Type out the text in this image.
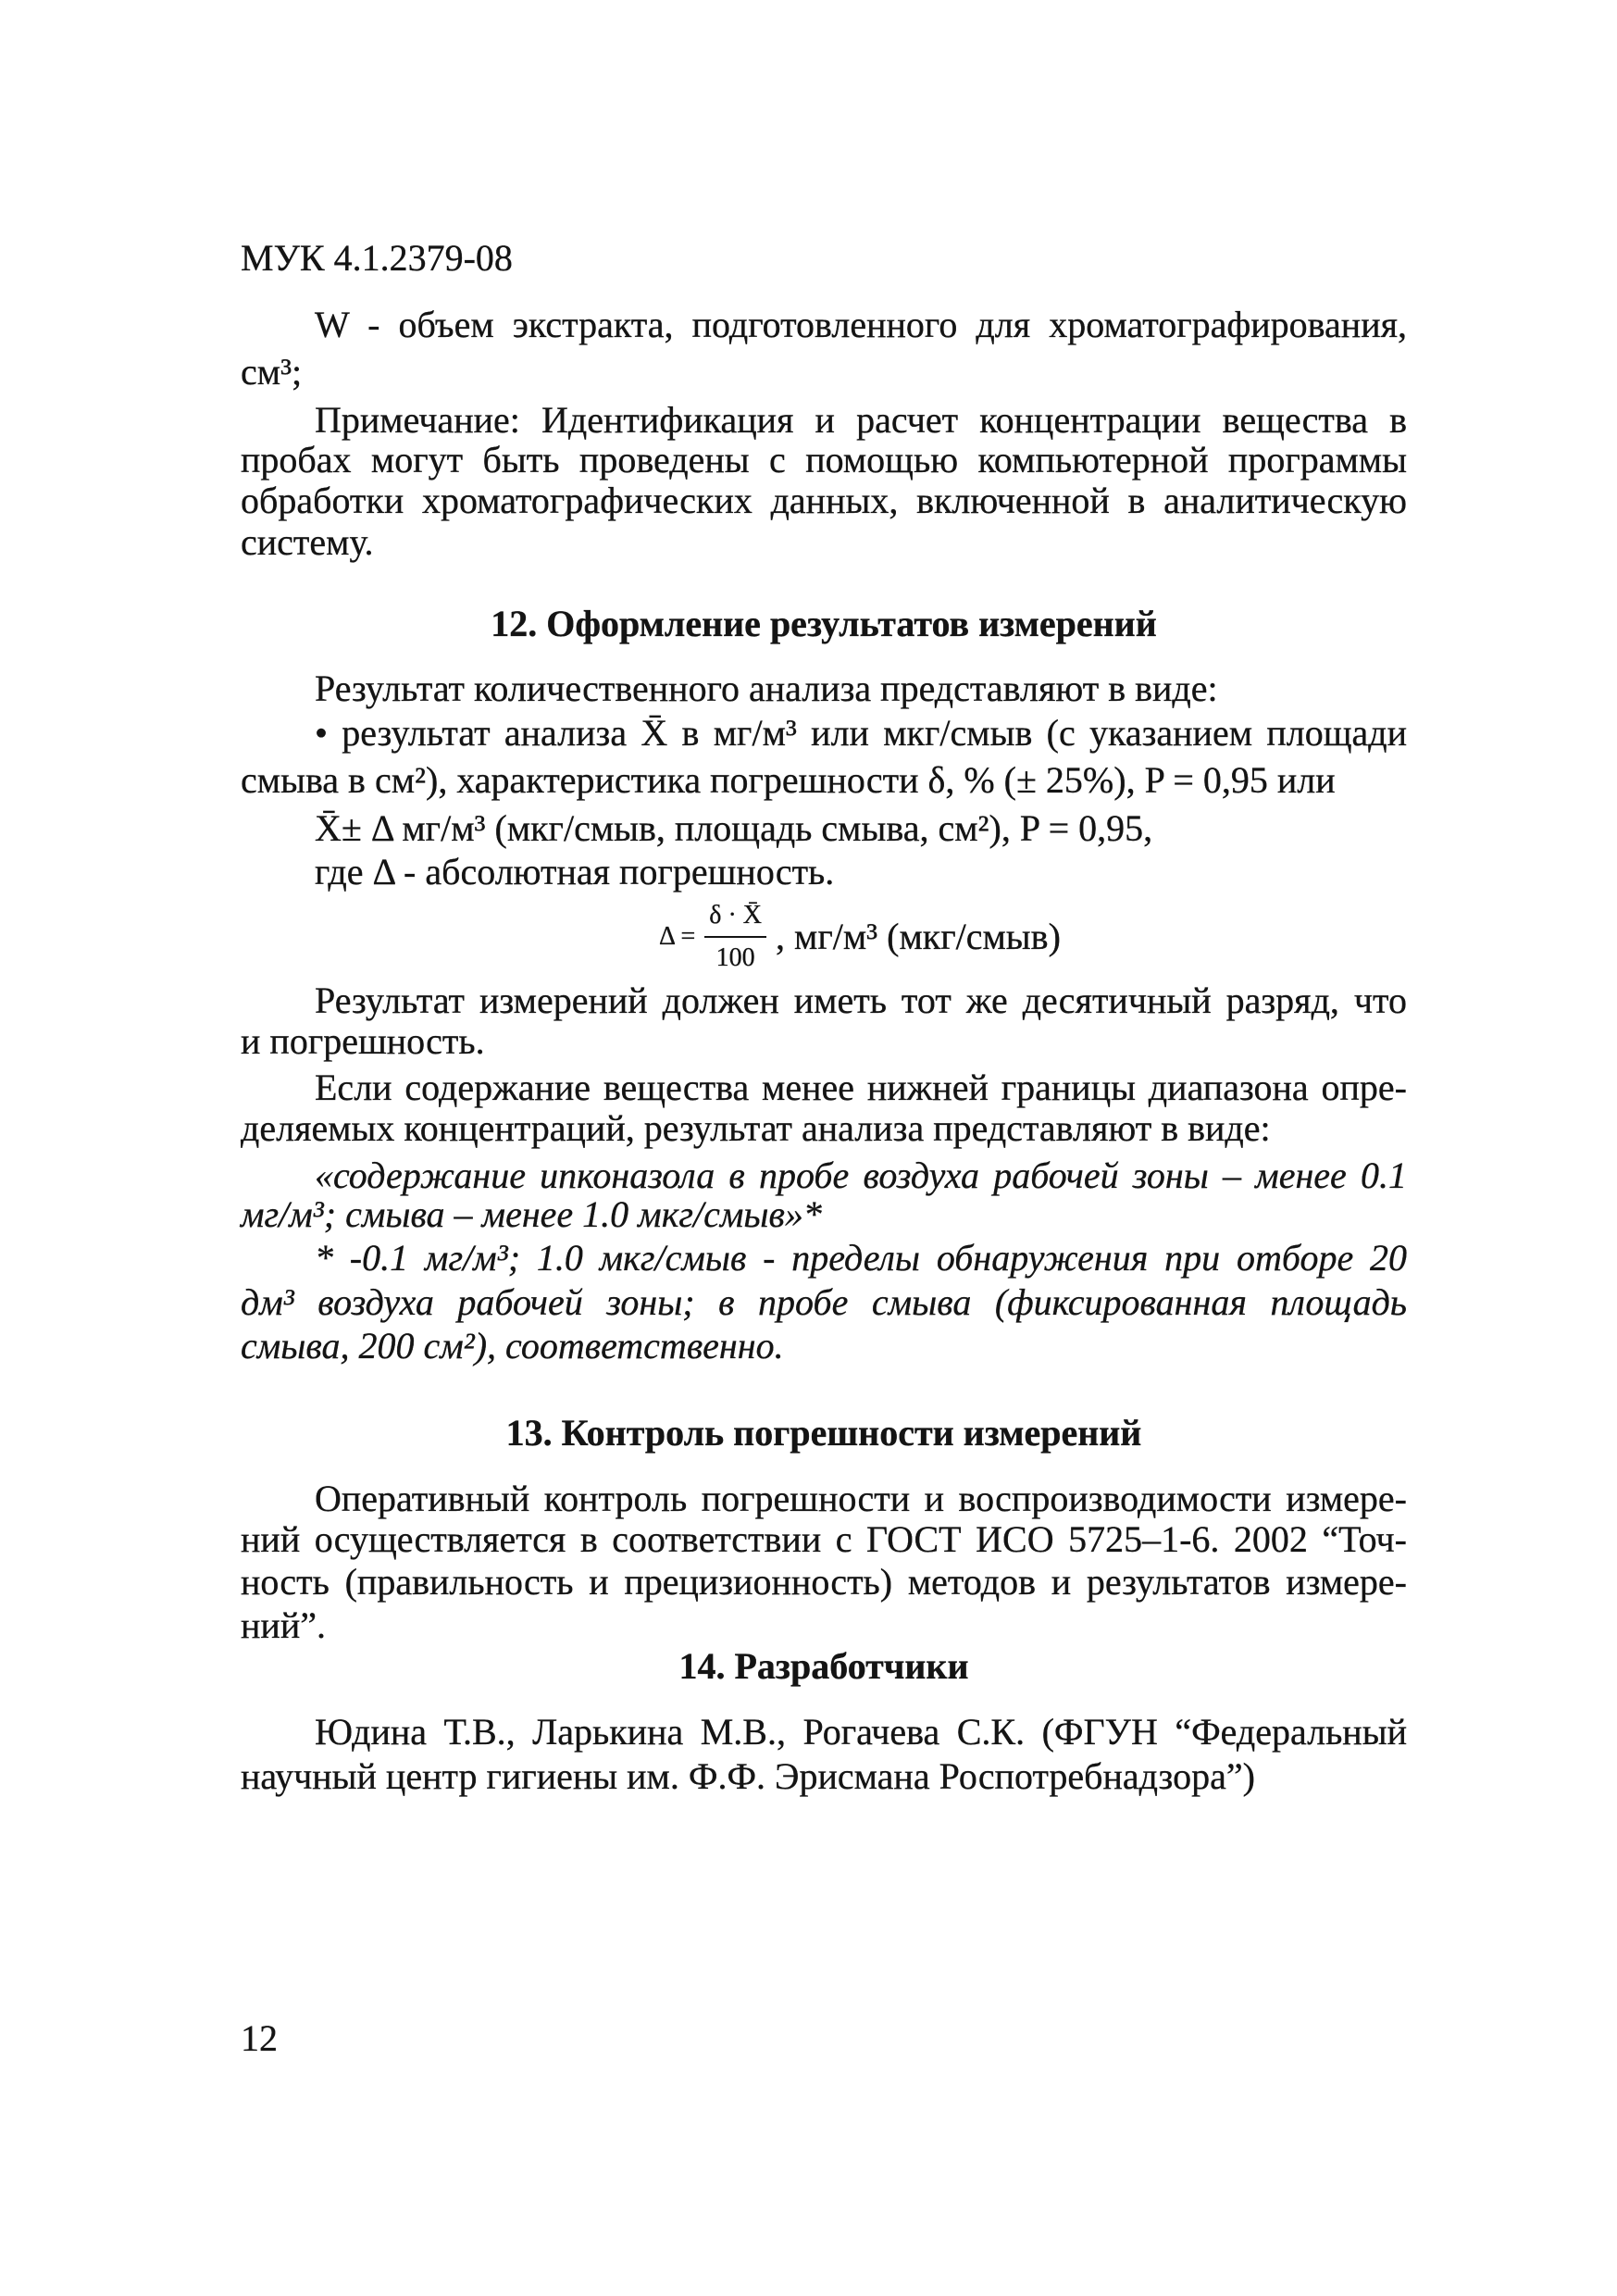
МУК 4.1.2379-08
W - объем экстракта, подготовленного для хроматографирования,
см³;
Примечание: Идентификация и расчет концентрации вещества в
пробах могут быть проведены с помощью компьютерной программы
обработки хроматографических данных, включенной в аналитическую
систему.
12. Оформление результатов измерений
Результат количественного анализа представляют в виде:
• результат анализа X̄ в мг/м³ или мкг/смыв (с указанием площади
смыва в см²), характеристика погрешности δ, % (± 25%), P = 0,95 или
X̄± Δ мг/м³ (мкг/смыв, площадь смыва, см²), P = 0,95,
где Δ - абсолютная погрешность.
$\Delta = \frac{\delta \cdot X̄}{100}$ , мг/м³ (мкг/смыв)
Результат измерений должен иметь тот же десятичный разряд, что
и погрешность.
Если содержание вещества менее нижней границы диапазона опре-
деляемых концентраций, результат анализа представляют в виде:
«содержание ипконазола в пробе воздуха рабочей зоны – менее 0.1
мг/м³; смыва – менее 1.0 мкг/смыв»*
* -0.1 мг/м³; 1.0 мкг/смыв - пределы обнаружения при отборе 20
дм³ воздуха рабочей зоны; в пробе смыва (фиксированная площадь
смыва, 200 см²), соответственно.
13. Контроль погрешности измерений
Оперативный контроль погрешности и воспроизводимости измере-
ний осуществляется в соответствии с ГОСТ ИСО 5725–1-6. 2002 “Точ-
ность (правильность и прецизионность) методов и результатов измере-
ний”.
14. Разработчики
Юдина Т.В., Ларькина М.В., Рогачева С.К. (ФГУН “Федеральный
научный центр гигиены им. Ф.Ф. Эрисмана Роспотребнадзора”)
12
